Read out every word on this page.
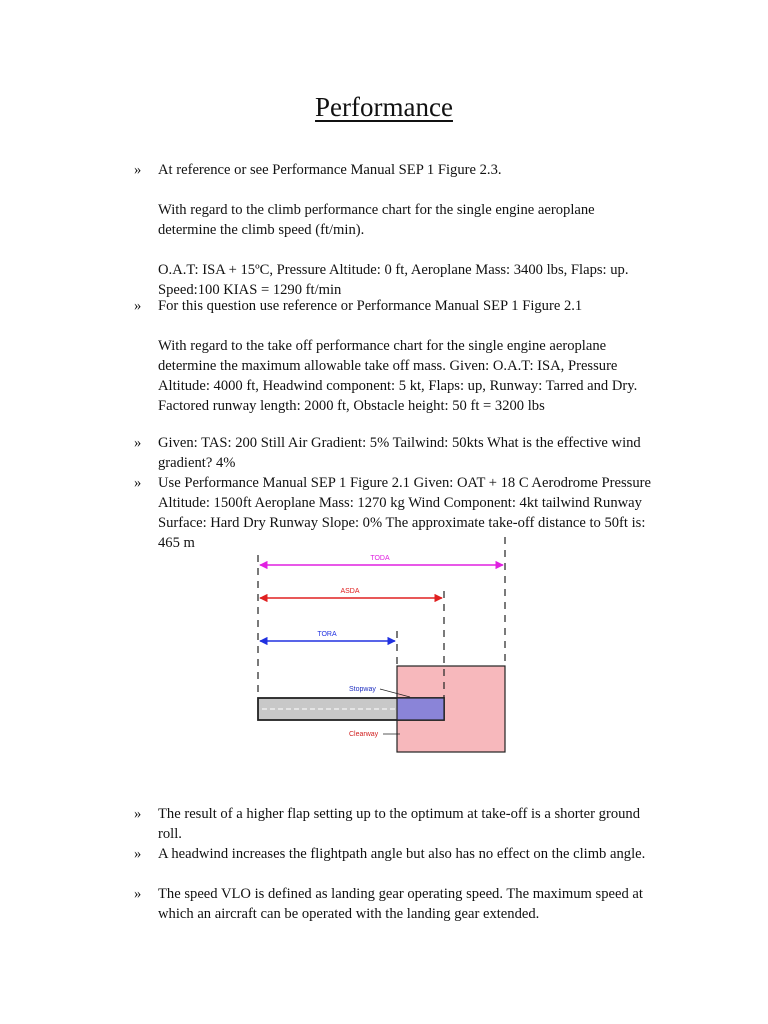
Performance
» At reference or see Performance Manual SEP 1 Figure 2.3.

With regard to the climb performance chart for the single engine aeroplane determine the climb speed (ft/min).

O.A.T: ISA + 15ºC, Pressure Altitude: 0 ft, Aeroplane Mass: 3400 lbs, Flaps: up. Speed:100 KIAS = 1290 ft/min

» For this question use reference or Performance Manual SEP 1 Figure 2.1

With regard to the take off performance chart for the single engine aeroplane determine the maximum allowable take off mass. Given: O.A.T: ISA, Pressure Altitude: 4000 ft, Headwind component: 5 kt, Flaps: up, Runway: Tarred and Dry. Factored runway length: 2000 ft, Obstacle height: 50 ft = 3200 lbs

» Given: TAS: 200 Still Air Gradient: 5% Tailwind: 50kts What is the effective wind gradient? 4%

» Use Performance Manual SEP 1 Figure 2.1 Given: OAT + 18 C Aerodrome Pressure Altitude: 1500ft Aeroplane Mass: 1270 kg Wind Component: 4kt tailwind Runway Surface: Hard Dry Runway Slope: 0% The approximate take-off distance to 50ft is: 465 m

TODA
ASDA
TORA
Stopway
Clearway
» The result of a higher flap setting up to the optimum at take-off is a shorter ground roll.

» A headwind increases the flightpath angle but also has no effect on the climb angle.

» The speed VLO is defined as landing gear operating speed. The maximum speed at which an aircraft can be operated with the landing gear extended.
